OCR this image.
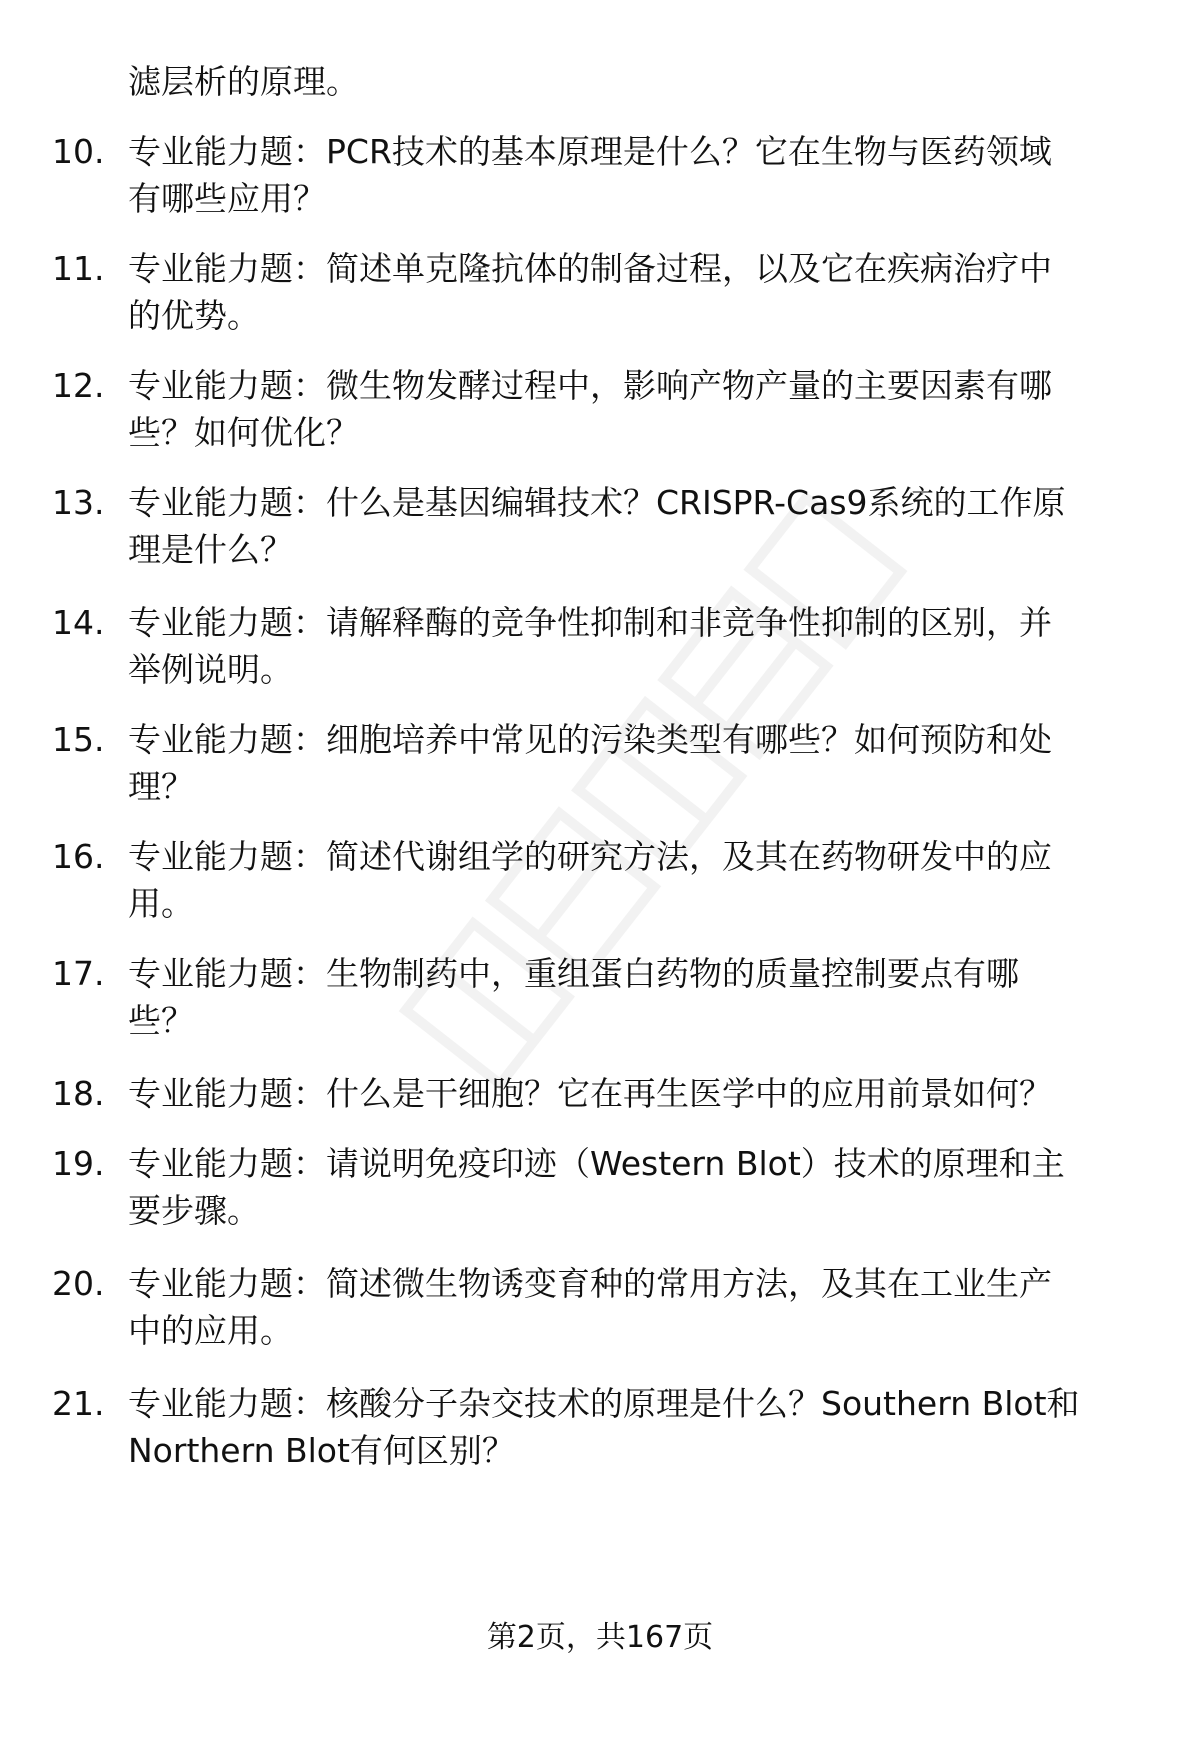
滤层析的原理。
10. 专业能力题：PCR技术的基本原理是什么？它在生物与医药领域
有哪些应用？
11. 专业能力题：简述单克隆抗体的制备过程，以及它在疾病治疗中
的优势。
12. 专业能力题：微生物发酵过程中，影响产物产量的主要因素有哪
些？如何优化？
13. 专业能力题：什么是基因编辑技术？CRISPR-Cas9系统的工作原
理是什么？
14. 专业能力题：请解释酶的竞争性抑制和非竞争性抑制的区别，并
举例说明。
15. 专业能力题：细胞培养中常见的污染类型有哪些？如何预防和处
理？
16. 专业能力题：简述代谢组学的研究方法，及其在药物研发中的应
用。
17. 专业能力题：生物制药中，重组蛋白药物的质量控制要点有哪
些？
18. 专业能力题：什么是干细胞？它在再生医学中的应用前景如何？
19. 专业能力题：请说明免疫印迹（Western Blot）技术的原理和主
要步骤。
20. 专业能力题：简述微生物诱变育种的常用方法，及其在工业生产
中的应用。
21. 专业能力题：核酸分子杂交技术的原理是什么？Southern Blot和
Northern Blot有何区别？
第2页，共167页
